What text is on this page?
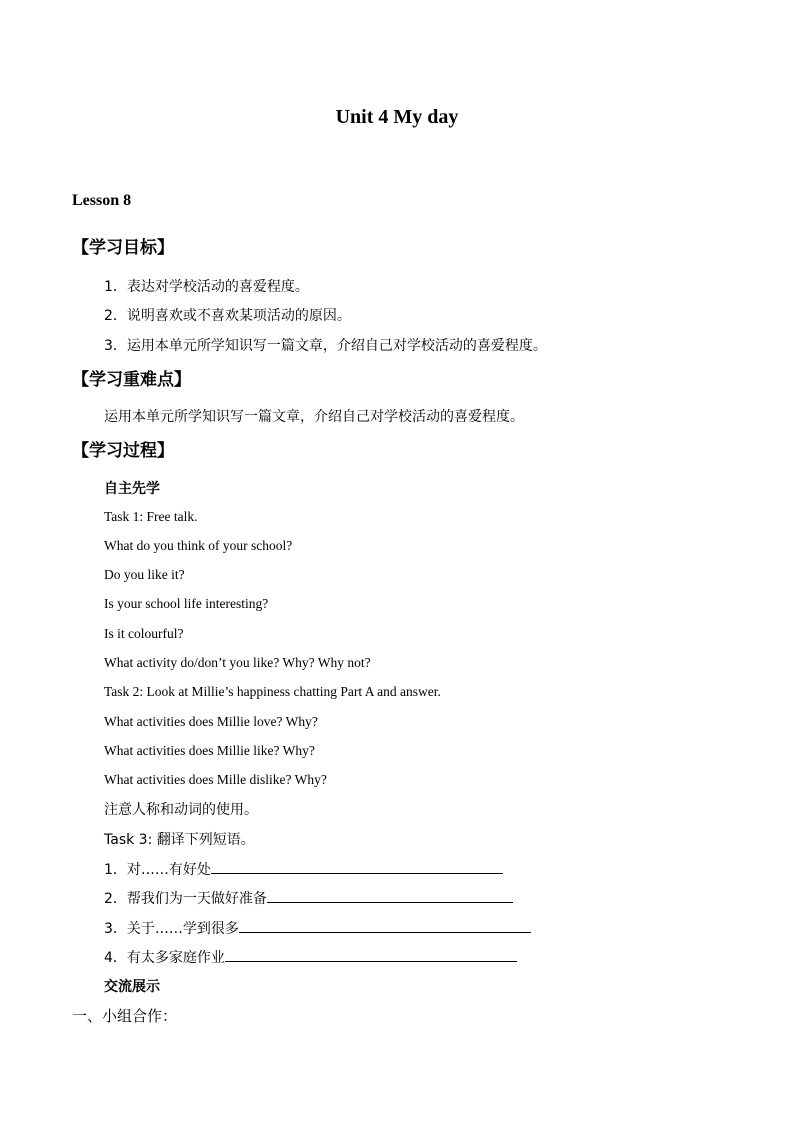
Unit 4 My day
Lesson 8
【学习目标】
1．表达对学校活动的喜爱程度。
2．说明喜欢或不喜欢某项活动的原因。
3．运用本单元所学知识写一篇文章，介绍自己对学校活动的喜爱程度。
【学习重难点】
运用本单元所学知识写一篇文章，介绍自己对学校活动的喜爱程度。
【学习过程】
自主先学
Task 1: Free talk.
What do you think of your school?
Do you like it?
Is your school life interesting?
Is it colourful?
What activity do/don’t you like? Why? Why not?
Task 2: Look at Millie’s happiness chatting Part A and answer.
What activities does Millie love? Why?
What activities does Millie like? Why?
What activities does Mille dislike? Why?
注意人称和动词的使用。
Task 3: 翻译下列短语。
1．对……有好处
2．帮我们为一天做好准备
3．关于……学到很多
4．有太多家庭作业
交流展示
一、小组合作：
